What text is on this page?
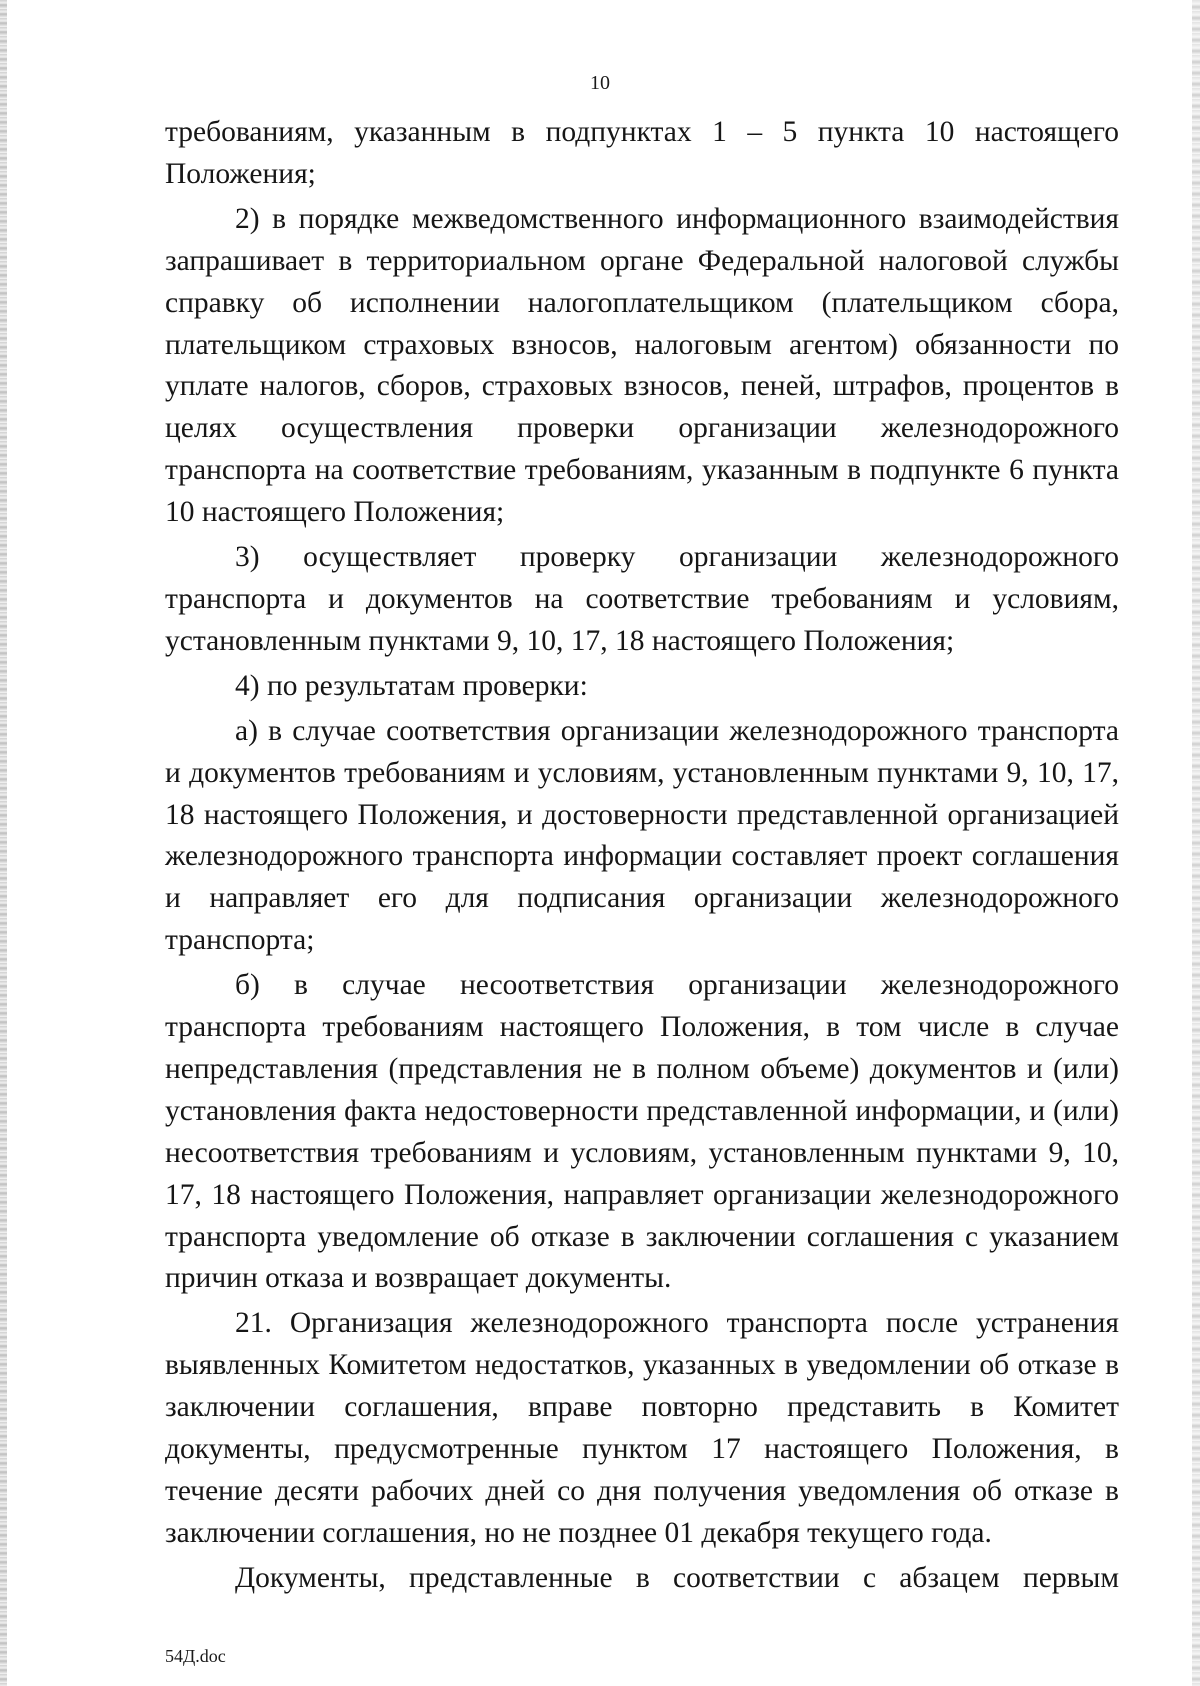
10

требованиям, указанным в подпунктах 1 – 5 пункта 10 настоящего Положения;

2) в порядке межведомственного информационного взаимодействия запрашивает в территориальном органе Федеральной налоговой службы справку об исполнении налогоплательщиком (плательщиком сбора, плательщиком страховых взносов, налоговым агентом) обязанности по уплате налогов, сборов, страховых взносов, пеней, штрафов, процентов в целях осуществления проверки организации железнодорожного транспорта на соответствие требованиям, указанным в подпункте 6 пункта 10 настоящего Положения;

3) осуществляет проверку организации железнодорожного транспорта и документов на соответствие требованиям и условиям, установленным пунктами 9, 10, 17, 18 настоящего Положения;

4) по результатам проверки:

а) в случае соответствия организации железнодорожного транспорта и документов требованиям и условиям, установленным пунктами 9, 10, 17, 18 настоящего Положения, и достоверности представленной организацией железнодорожного транспорта информации составляет проект соглашения и направляет его для подписания организации железнодорожного транспорта;

б) в случае несоответствия организации железнодорожного транспорта требованиям настоящего Положения, в том числе в случае непредставления (представления не в полном объеме) документов и (или) установления факта недостоверности представленной информации, и (или) несоответствия требованиям и условиям, установленным пунктами 9, 10, 17, 18 настоящего Положения, направляет организации железнодорожного транспорта уведомление об отказе в заключении соглашения с указанием причин отказа и возвращает документы.

21. Организация железнодорожного транспорта после устранения выявленных Комитетом недостатков, указанных в уведомлении об отказе в заключении соглашения, вправе повторно представить в Комитет документы, предусмотренные пунктом 17 настоящего Положения, в течение десяти рабочих дней со дня получения уведомления об отказе в заключении соглашения, но не позднее 01 декабря текущего года.

Документы, представленные в соответствии с абзацем первым

54Д.doc
